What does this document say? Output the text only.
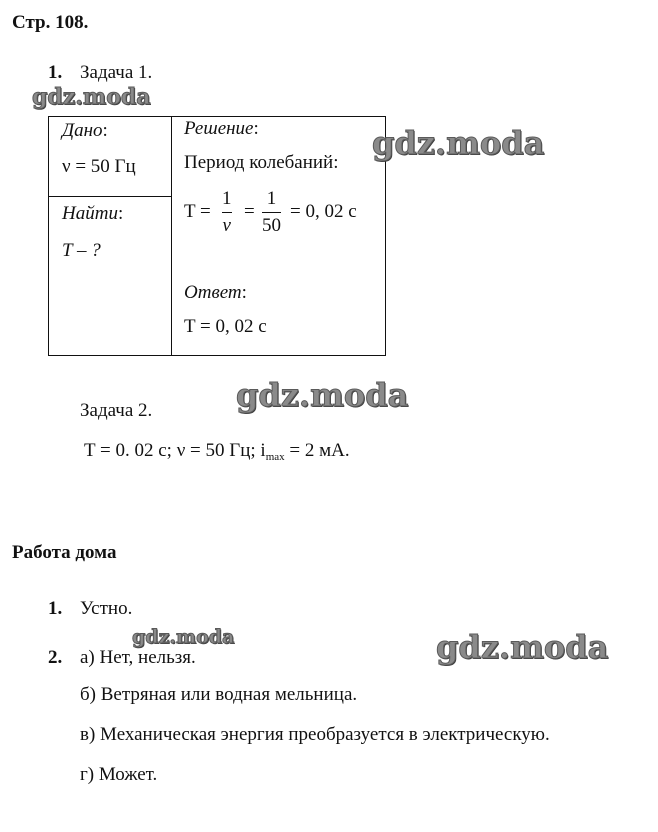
Стр. 108.
1. Задача 1.
Дано:
ν = 50 Гц
Найти:
T – ?
Решение:
Период колебаний:
T =
1
ν
=
1
50
= 0, 02 с
Ответ:
T = 0, 02 с
Задача 2.
T = 0. 02 с; ν = 50 Гц; $i_{max} = 2$ мА.
Работа дома
1. Устно.
2. а) Нет, нельзя.
б) Ветряная или водная мельница.
в) Механическая энергия преобразуется в электрическую.
г) Может.
gdz.moda
gdz.moda
gdz.moda
gdz.moda	gdz.moda
